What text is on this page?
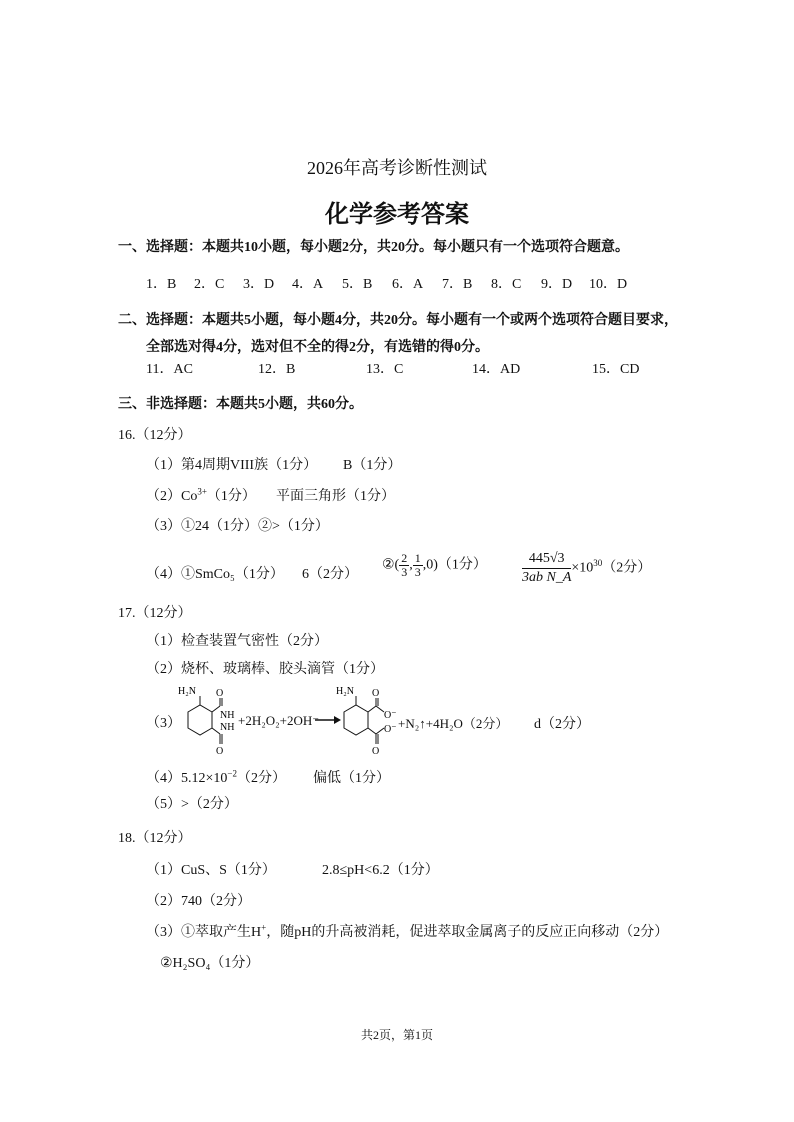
2026年高考诊断性测试
化学参考答案
一、选择题：本题共10小题，每小题2分，共20分。每小题只有一个选项符合题意。
1．B 2．C 3．D 4．A 5．B 6．A 7．B 8．C 9．D 10．D
二、选择题：本题共5小题，每小题4分，共20分。每小题有一个或两个选项符合题目要求，
全部选对得4分，选对但不全的得2分，有选错的得0分。
11．AC	12．B	13．C	14．AD	15．CD
三、非选择题：本题共5小题，共60分。
16.（12分）
（1）第4周期VIII族（1分） B（1分）
$(2)Co^{3+}(1$分） 平面三角形（1分）
（3）①24（1分） ②>（1分）
（4）①SmCo₅（1分） 6（2分）
②( $\frac{2}{3}$ , $\frac{1}{3} ,0)(1$分）	$\frac{445√3}{\text{3ab N\_A}} \times 10^{30}(2$分）
17.（12分）
（1）检查装置气密性（2分）
（2）烧杯、玻璃棒、胶头滴管（1分）
（3）
H₂N O
O
NH
NH +2H₂O₂+2OH⁻
H₂N O
O
O⁻
O⁻ +N₂↑+4H₂O（2分） d（2分）
$(4)5.12\times 10^{-2}(2$分） 偏低（1分）
（5）>（2分）
18.（12分）
（1）CuS、S（1分）	2.8≤pH<6.2（1分）
（2）740（2分）
（3）①萃取产生H+，随pH的升高被消耗，促进萃取金属离子的反应正向移动（2分）
②H₂SO₄（1分）
共2页，第1页
